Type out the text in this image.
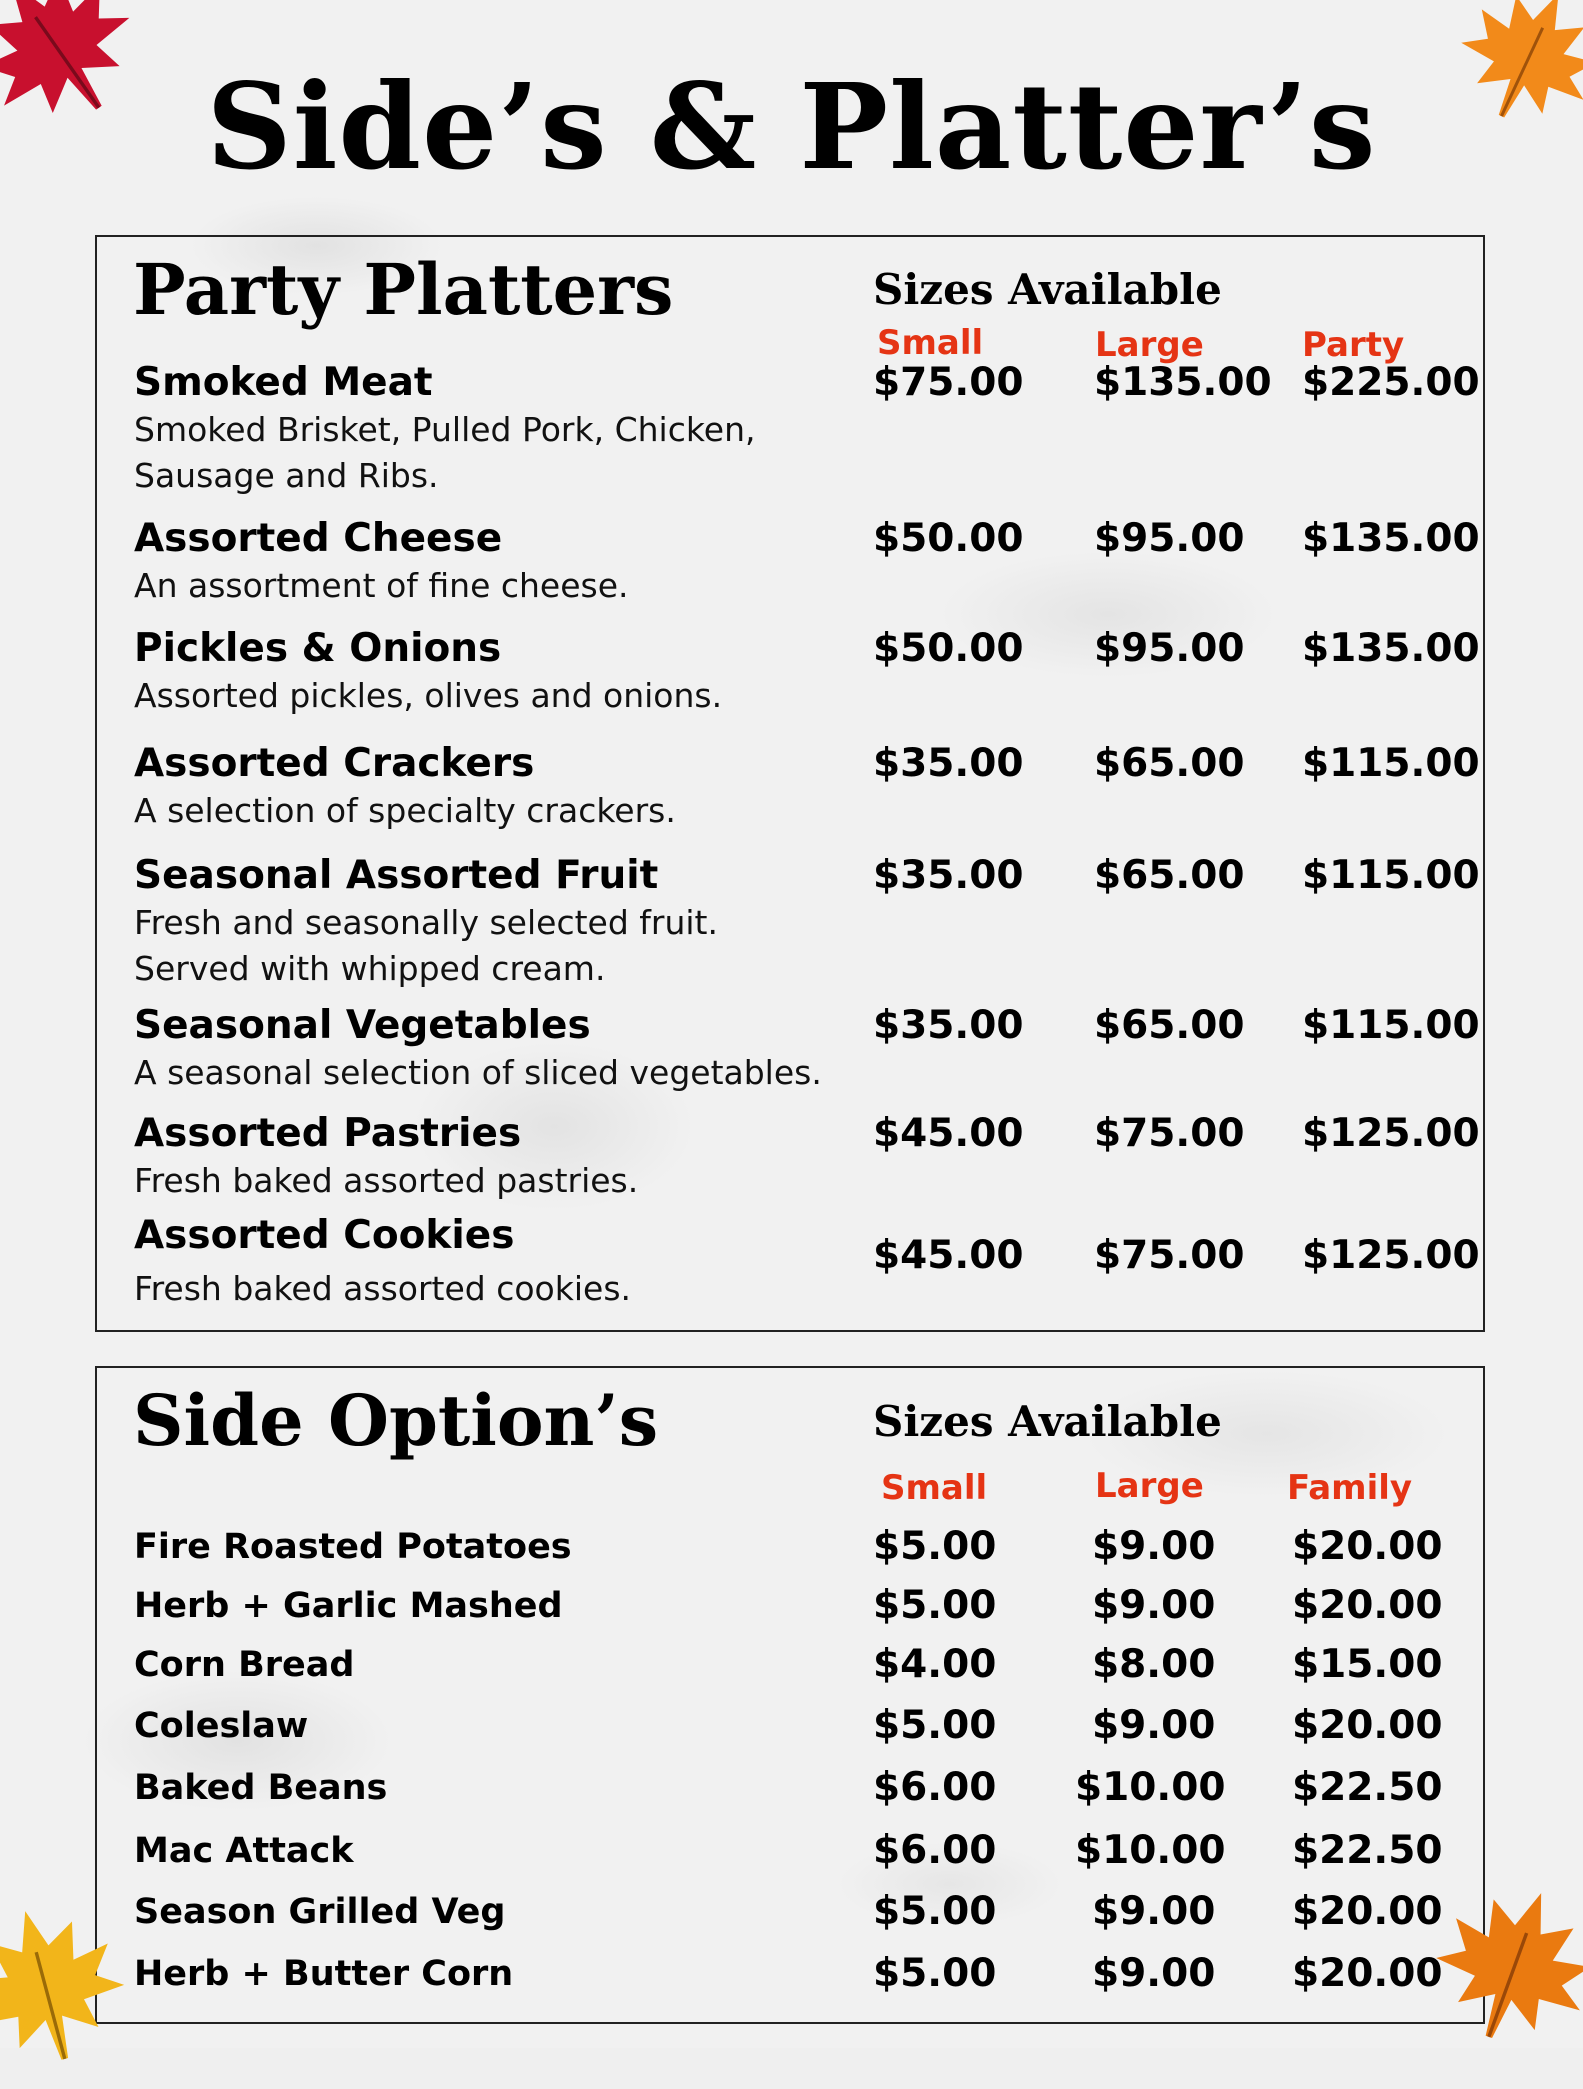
Side’s & Platter’s
Party Platters	Sizes Available
Small	Large	Party
Smoked Meat
Smoked Brisket, Pulled Pork, Chicken, Sausage and Ribs.
$75.00 $135.00 $225.00
Assorted Cheese
An assortment of fine cheese.
$50.00 $95.00 $135.00
Pickles & Onions
Assorted pickles, olives and onions.
$50.00 $95.00 $135.00
Assorted Crackers
A selection of specialty crackers.
$35.00 $65.00 $115.00
Seasonal Assorted Fruit
Fresh and seasonally selected fruit. Served with whipped cream.
$35.00 $65.00 $115.00
Seasonal Vegetables
A seasonal selection of sliced vegetables.
$35.00 $65.00 $115.00
Assorted Pastries
Fresh baked assorted pastries.
$45.00 $75.00 $125.00
Assorted Cookies
Fresh baked assorted cookies.
$45.00 $75.00 $125.00
Side Option’s	Sizes Available
Small	Large Family
Fire Roasted Potatoes	$5.00 $9.00 $20.00
Herb + Garlic Mashed	$5.00 $9.00 $20.00
Corn Bread	$4.00 $8.00 $15.00
Coleslaw	$5.00 $9.00 $20.00
Baked Beans	$6.00 $10.00 $22.50
Mac Attack	$6.00 $10.00 $22.50
Season Grilled Veg	$5.00 $9.00 $20.00
Herb + Butter Corn	$5.00 $9.00 $20.00
